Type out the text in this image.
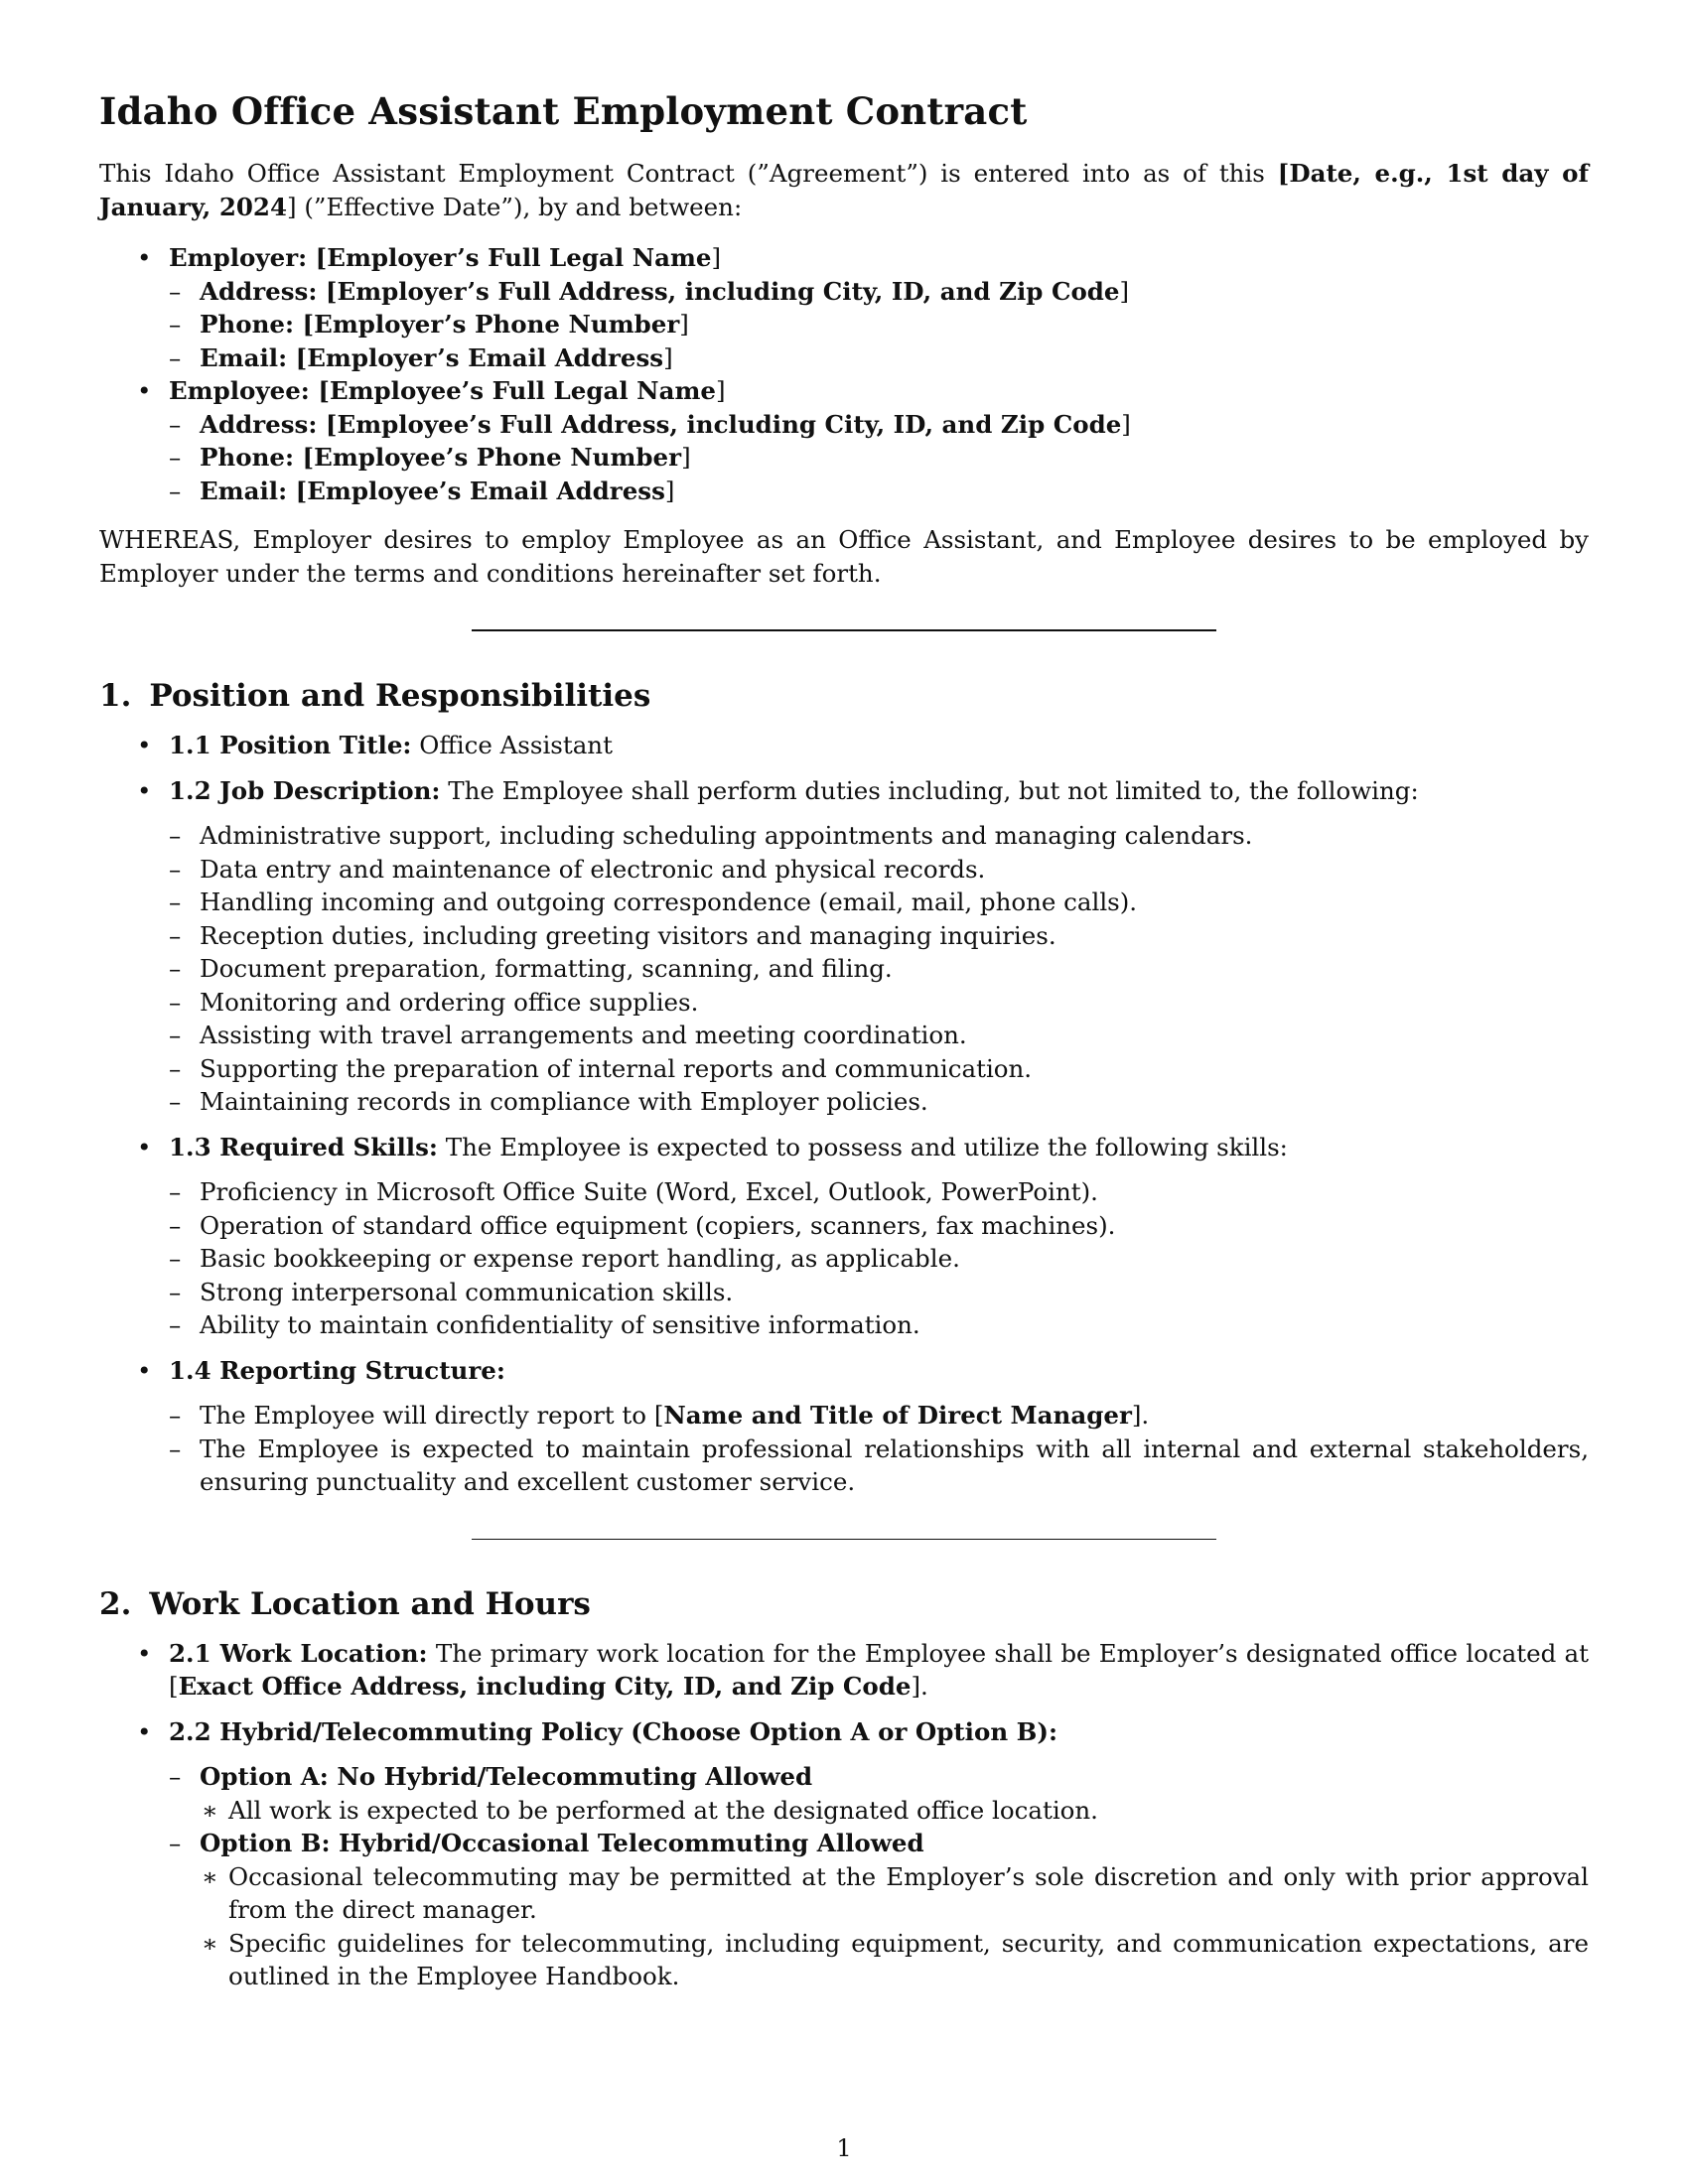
Idaho Office Assistant Employment Contract

This Idaho Office Assistant Employment Contract (”Agreement”) is entered into as of this [Date, e.g., 1st day of January, 2024] (”Effective Date”), by and between:

• Employer: [Employer’s Full Legal Name]
– Address: [Employer’s Full Address, including City, ID, and Zip Code]
– Phone: [Employer’s Phone Number]
– Email: [Employer’s Email Address]
• Employee: [Employee’s Full Legal Name]
– Address: [Employee’s Full Address, including City, ID, and Zip Code]
– Phone: [Employee’s Phone Number]
– Email: [Employee’s Email Address]

WHEREAS, Employer desires to employ Employee as an Office Assistant, and Employee desires to be employed by Employer under the terms and conditions hereinafter set forth.

1. Position and Responsibilities
• 1.1 Position Title: Office Assistant
• 1.2 Job Description: The Employee shall perform duties including, but not limited to, the following:
– Administrative support, including scheduling appointments and managing calendars.
– Data entry and maintenance of electronic and physical records.
– Handling incoming and outgoing correspondence (email, mail, phone calls).
– Reception duties, including greeting visitors and managing inquiries.
– Document preparation, formatting, scanning, and filing.
– Monitoring and ordering office supplies.
– Assisting with travel arrangements and meeting coordination.
– Supporting the preparation of internal reports and communication.
– Maintaining records in compliance with Employer policies.
• 1.3 Required Skills: The Employee is expected to possess and utilize the following skills:
– Proficiency in Microsoft Office Suite (Word, Excel, Outlook, PowerPoint).
– Operation of standard office equipment (copiers, scanners, fax machines).
– Basic bookkeeping or expense report handling, as applicable.
– Strong interpersonal communication skills.
– Ability to maintain confidentiality of sensitive information.
• 1.4 Reporting Structure:
– The Employee will directly report to [Name and Title of Direct Manager].
– The Employee is expected to maintain professional relationships with all internal and external stakeholders, ensuring punctuality and excellent customer service.
2. Work Location and Hours
• 2.1 Work Location: The primary work location for the Employee shall be Employer’s designated office located at [Exact Office Address, including City, ID, and Zip Code].
• 2.2 Hybrid/Telecommuting Policy (Choose Option A or Option B):
– Option A: No Hybrid/Telecommuting Allowed
∗ All work is expected to be performed at the designated office location.
– Option B: Hybrid/Occasional Telecommuting Allowed
∗ Occasional telecommuting may be permitted at the Employer’s sole discretion and only with prior approval from the direct manager.
∗ Specific guidelines for telecommuting, including equipment, security, and communication expectations, are outlined in the Employee Handbook.
1
